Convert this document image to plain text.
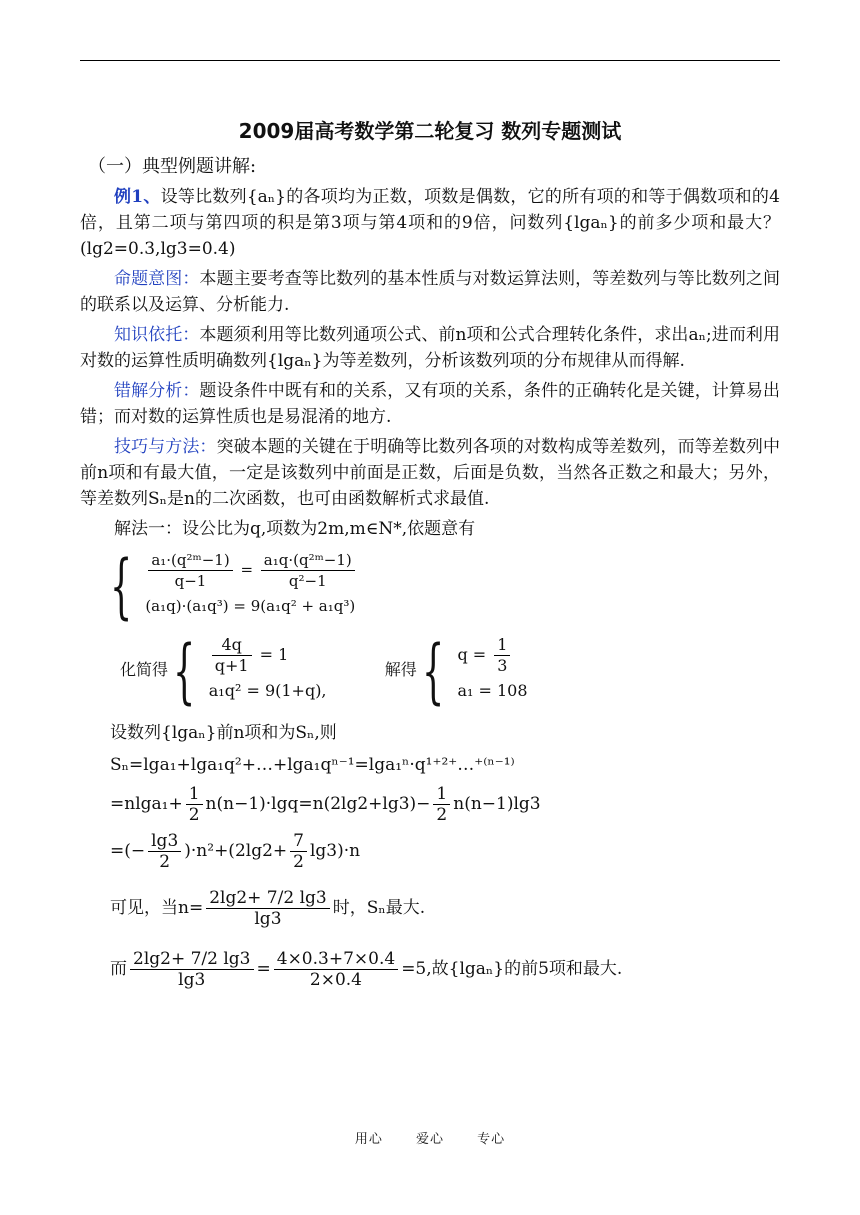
2009届高考数学第二轮复习 数列专题测试
（一）典型例题讲解:

例1、设等比数列{aₙ}的各项均为正数，项数是偶数，它的所有项的和等于偶数项和的4倍，且第二项与第四项的积是第3项与第4项和的9倍，问数列{lgaₙ}的前多少项和最大？(lg2=0.3,lg3=0.4)

命题意图：本题主要考查等比数列的基本性质与对数运算法则，等差数列与等比数列之间的联系以及运算、分析能力.

知识依托：本题须利用等比数列通项公式、前n项和公式合理转化条件，求出aₙ;进而利用对数的运算性质明确数列{lgaₙ}为等差数列，分析该数列项的分布规律从而得解.

错解分析：题设条件中既有和的关系，又有项的关系，条件的正确转化是关键，计算易出错；而对数的运算性质也是易混淆的地方.

技巧与方法：突破本题的关键在于明确等比数列各项的对数构成等差数列，而等差数列中前n项和有最大值，一定是该数列中前面是正数，后面是负数，当然各正数之和最大；另外，等差数列Sₙ是n的二次函数，也可由函数解析式求最值.

解法一：设公比为q,项数为2m,m∈N*,依题意有

{ $\frac{\text{a₁·(q²ᵐ−1)}}{q-1} = \frac{\text{a₁q·(q²ᵐ−1)}}{\text{q²−1}}$
(a₁q)·(a₁q³) = 9(a₁q² + a₁q³)
化简得 { $\frac{4q}{q+1} = 1$
a₁q² = 9(1+q),
解得 { $q = \frac{1}{3}$
a₁ = 108
设数列{lgaₙ}前n项和为Sₙ,则
Sₙ=lga₁+lga₁q²+…+lga₁qⁿ⁻¹=lga₁ⁿ·q¹⁺²⁺…⁺⁽ⁿ⁻¹⁾
$=nlga_1+ \frac{1}{2} n(n-1)\cdot\lg q=n(2\lg 2+\lg 3)- \frac{1}{2} n(n-1)\lg 3$
=(− $\frac{\lg 3}{2} )\cdot n^2+(2\lg 2+ \frac{7}{2} \lg 3)\cdot n$
可见，当$n= \frac{2\lg 2+ 7/2 \lg 3}{\lg 3}$ 时，Sₙ最大.
而 $\frac{2\lg 2+ 7/2 \lg 3}{\lg 3} = \frac{4\times 0.3+7\times 0.4}{2\times 0.4} =5$,故{lgaₙ}的前5项和最大.
用心	爱心	专心
